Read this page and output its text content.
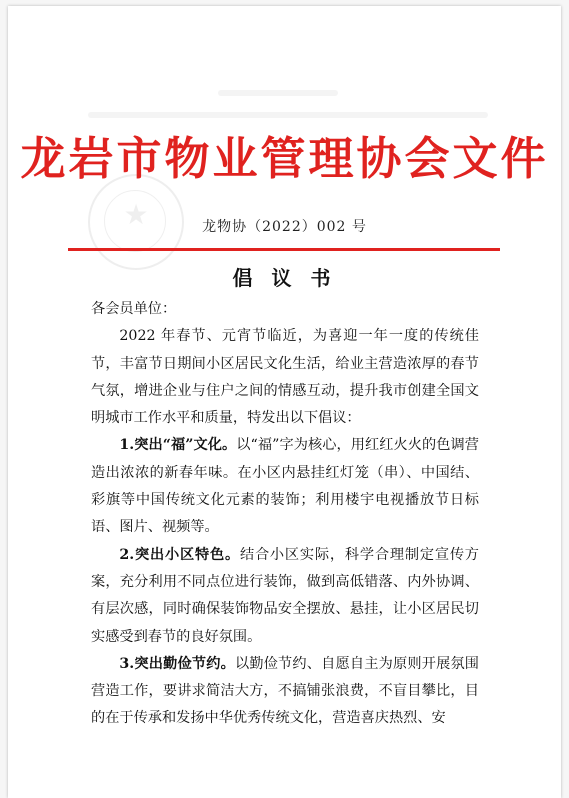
★
龙岩市物业管理协会文件
龙物协（2022）002 号
倡 议 书

各会员单位：

2022 年春节、元宵节临近，为喜迎一年一度的传统佳节，丰富节日期间小区居民文化生活，给业主营造浓厚的春节气氛，增进企业与住户之间的情感互动，提升我市创建全国文明城市工作水平和质量，特发出以下倡议：

1.突出“福”文化。以“福”字为核心，用红红火火的色调营造出浓浓的新春年味。在小区内悬挂红灯笼（串）、中国结、彩旗等中国传统文化元素的装饰；利用楼宇电视播放节日标语、图片、视频等。

2.突出小区特色。结合小区实际，科学合理制定宣传方案，充分利用不同点位进行装饰，做到高低错落、内外协调、有层次感，同时确保装饰物品安全摆放、悬挂，让小区居民切实感受到春节的良好氛围。

3.突出勤俭节约。以勤俭节约、自愿自主为原则开展氛围营造工作，要讲求简洁大方，不搞铺张浪费，不盲目攀比，目的在于传承和发扬中华优秀传统文化，营造喜庆热烈、安
